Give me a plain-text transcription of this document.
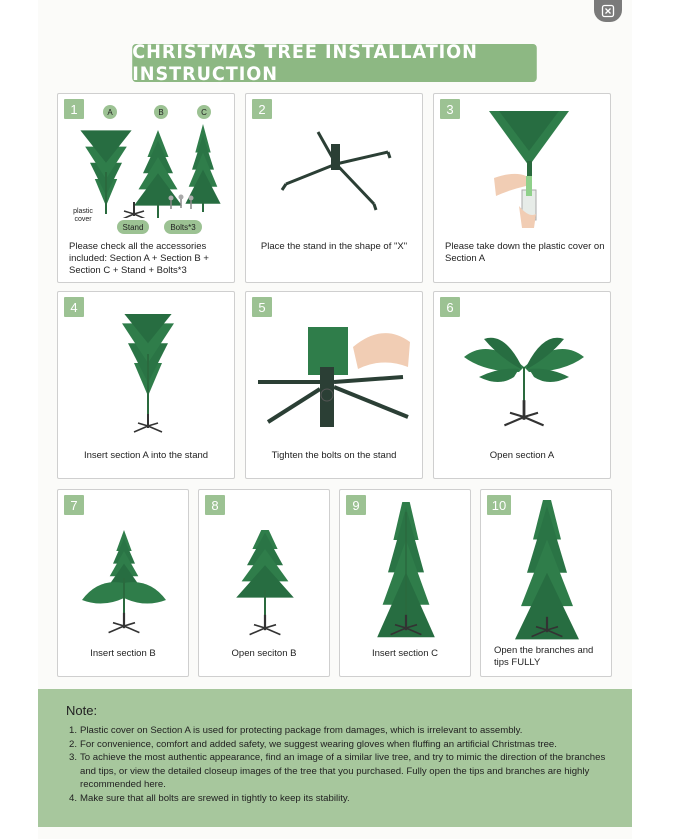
CHRISTMAS TREE INSTALLATION INSTRUCTION
1	A	B	C
plastic cover
Stand	Bolts*3
Please check all the accessories included: Section A + Section B + Section C + Stand + Bolts*3
2
Place the stand in the shape of "X"
3
Please take down the plastic cover on Section A
4
Insert section A into the stand
5
Tighten the bolts on the stand
6
Open section A
7
Insert section B
8
Open seciton B
9
Insert section C
10
Open the branches and tips FULLY
Note:
1. Plastic cover on Section A is used for protecting package from damages, which is irrelevant to assembly.
2. For convenience, comfort and added safety, we suggest wearing gloves when fluffing an artificial Christmas tree.
3. To achieve the most authentic appearance, find an image of a similar live tree, and try to mimic the direction of the branches and tips, or view the detailed closeup images of the tree that you purchased. Fully open the tips and branches are highly recommended here.
4. Make sure that all bolts are srewed in tightly to keep its stability.
